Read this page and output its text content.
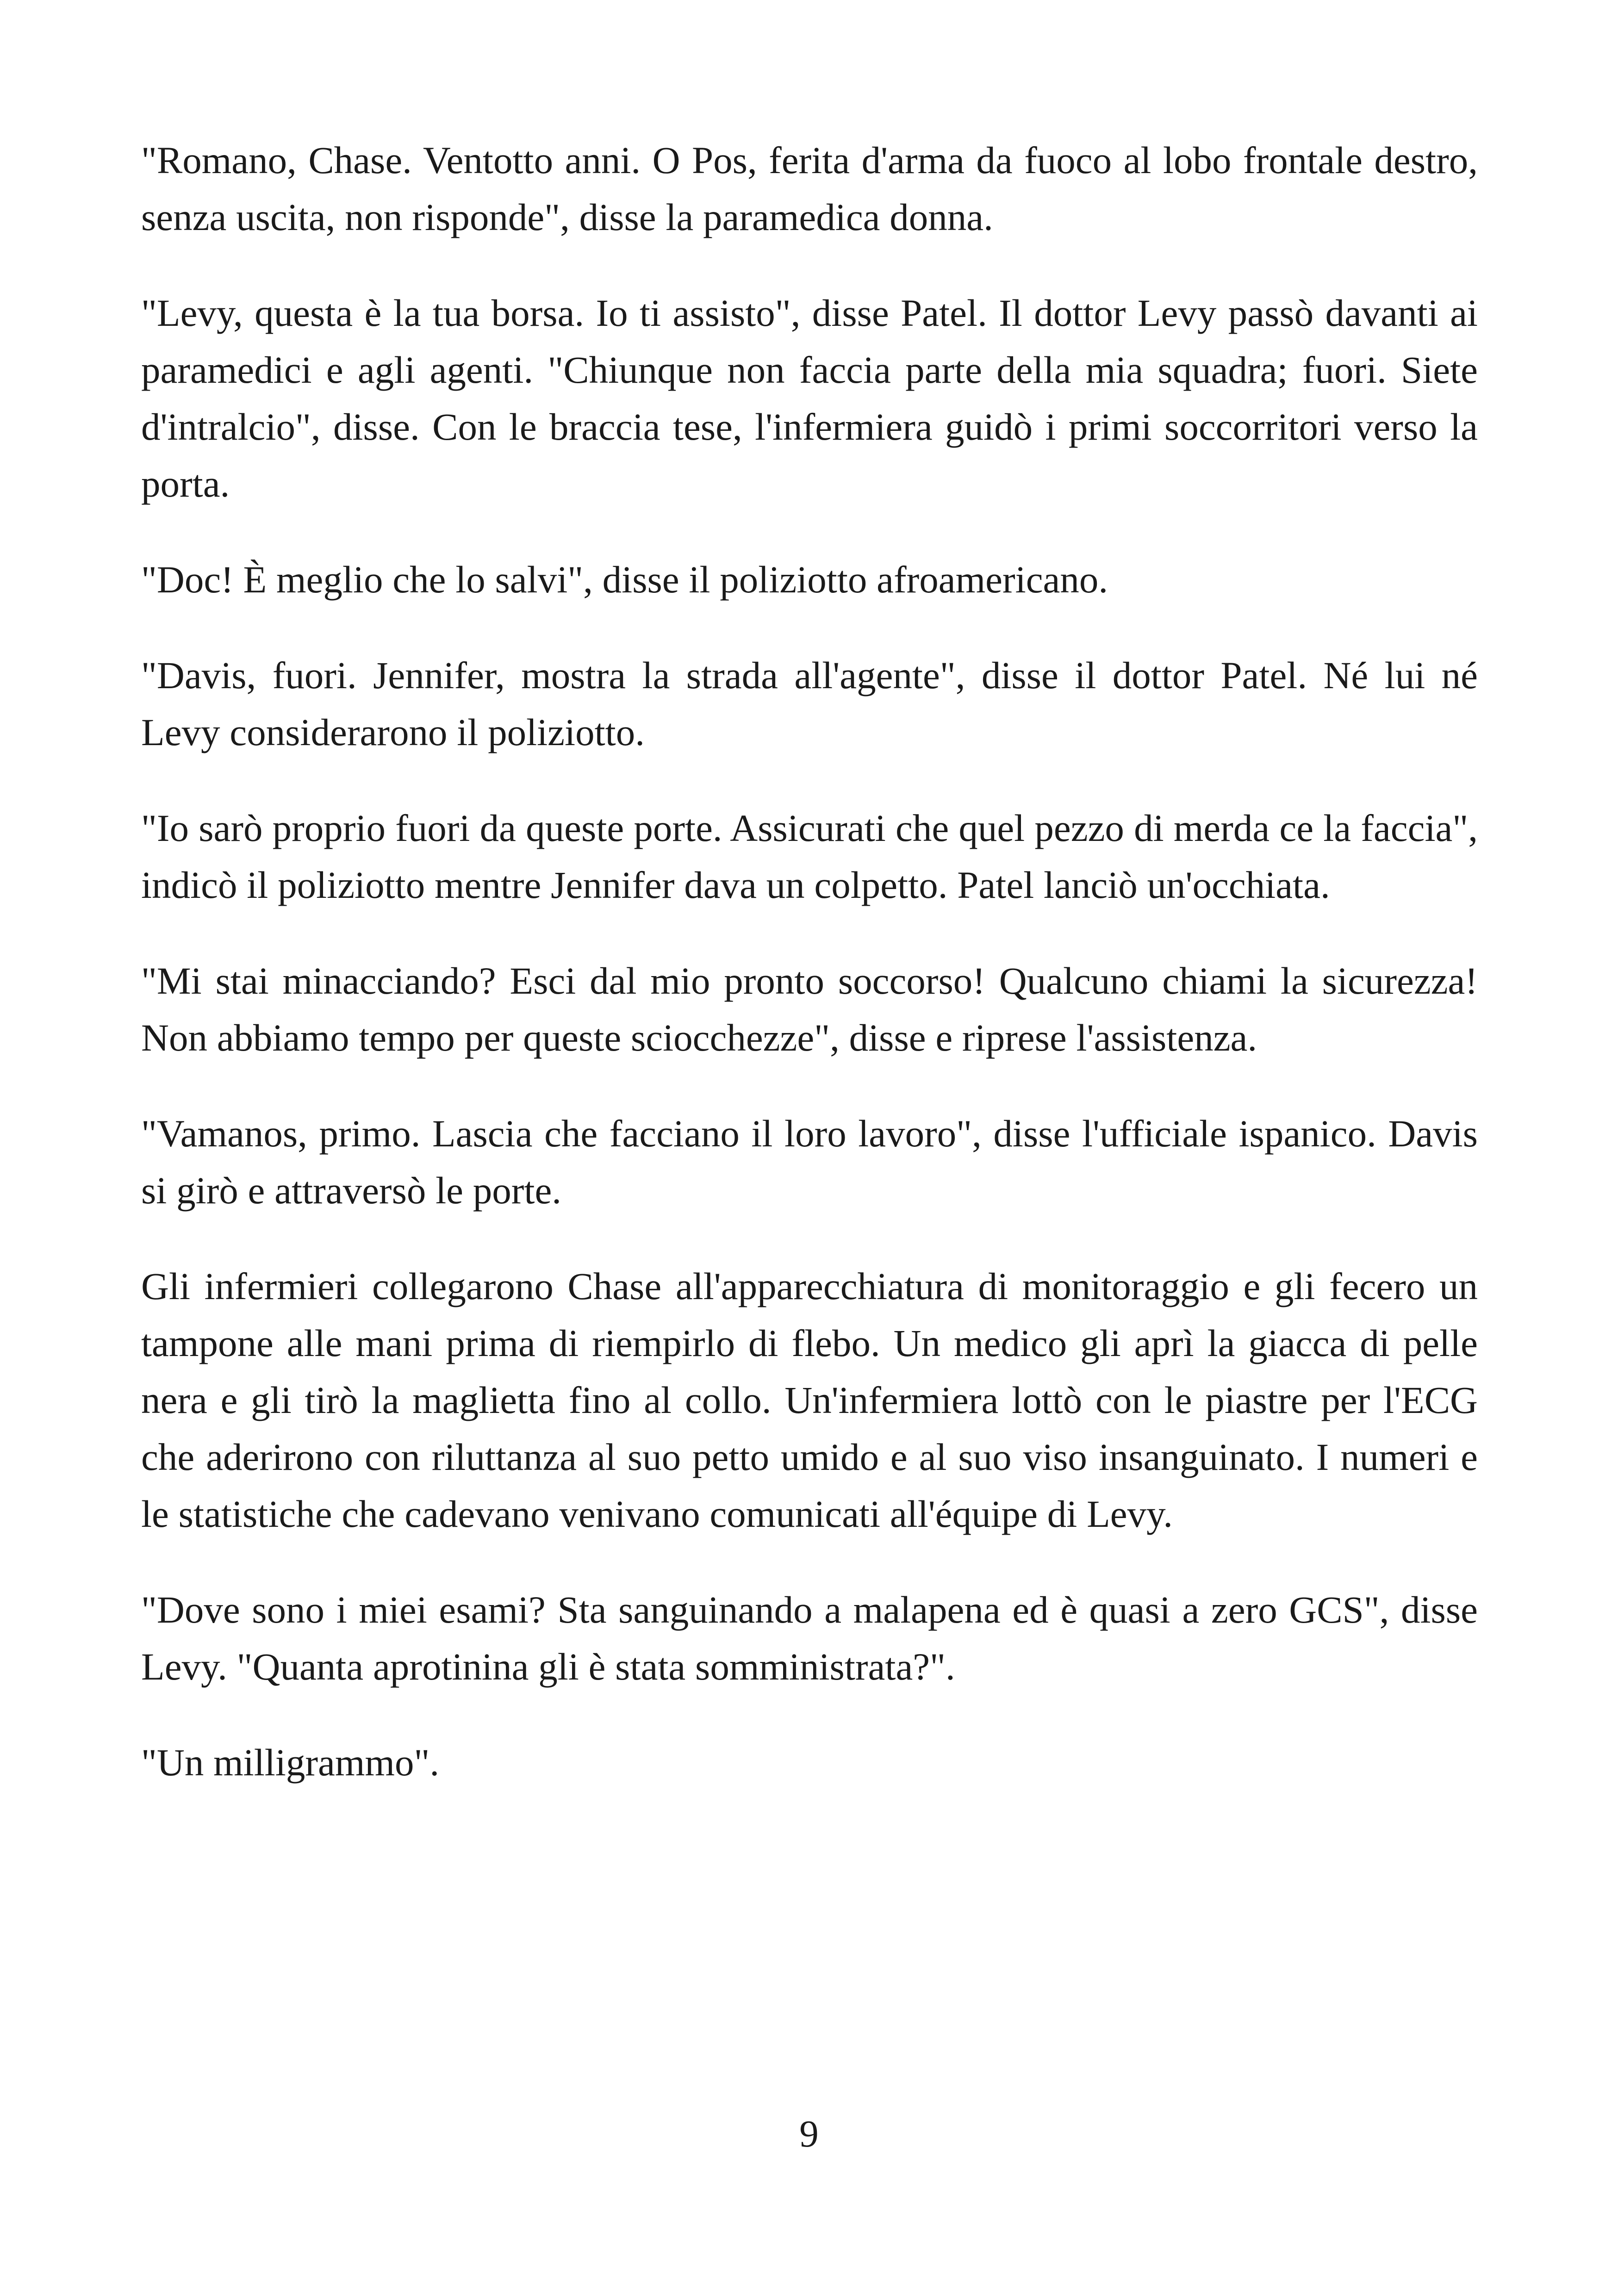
"Romano, Chase. Ventotto anni. O Pos, ferita d'arma da fuoco al lobo frontale destro, senza uscita, non risponde", disse la paramedica donna.

"Levy, questa è la tua borsa. Io ti assisto", disse Patel. Il dottor Levy passò davanti ai paramedici e agli agenti. "Chiunque non faccia parte della mia squadra; fuori. Siete d'intralcio", disse. Con le braccia tese, l'infermiera guidò i primi soccorritori verso la porta.

"Doc! È meglio che lo salvi", disse il poliziotto afroamericano.

"Davis, fuori. Jennifer, mostra la strada all'agente", disse il dottor Patel. Né lui né Levy considerarono il poliziotto.

"Io sarò proprio fuori da queste porte. Assicurati che quel pezzo di merda ce la faccia", indicò il poliziotto mentre Jennifer dava un colpetto. Patel lanciò un'occhiata.

"Mi stai minacciando? Esci dal mio pronto soccorso! Qualcuno chiami la sicurezza! Non abbiamo tempo per queste sciocchezze", disse e riprese l'assistenza.

"Vamanos, primo. Lascia che facciano il loro lavoro", disse l'ufficiale ispanico. Davis si girò e attraversò le porte.

Gli infermieri collegarono Chase all'apparecchiatura di monitoraggio e gli fecero un tampone alle mani prima di riempirlo di flebo. Un medico gli aprì la giacca di pelle nera e gli tirò la maglietta fino al collo. Un'infermiera lottò con le piastre per l'ECG che aderirono con riluttanza al suo petto umido e al suo viso insanguinato. I numeri e le statistiche che cadevano venivano comunicati all'équipe di Levy.

"Dove sono i miei esami? Sta sanguinando a malapena ed è quasi a zero GCS", disse Levy. "Quanta aprotinina gli è stata somministrata?".

"Un milligrammo".

9
